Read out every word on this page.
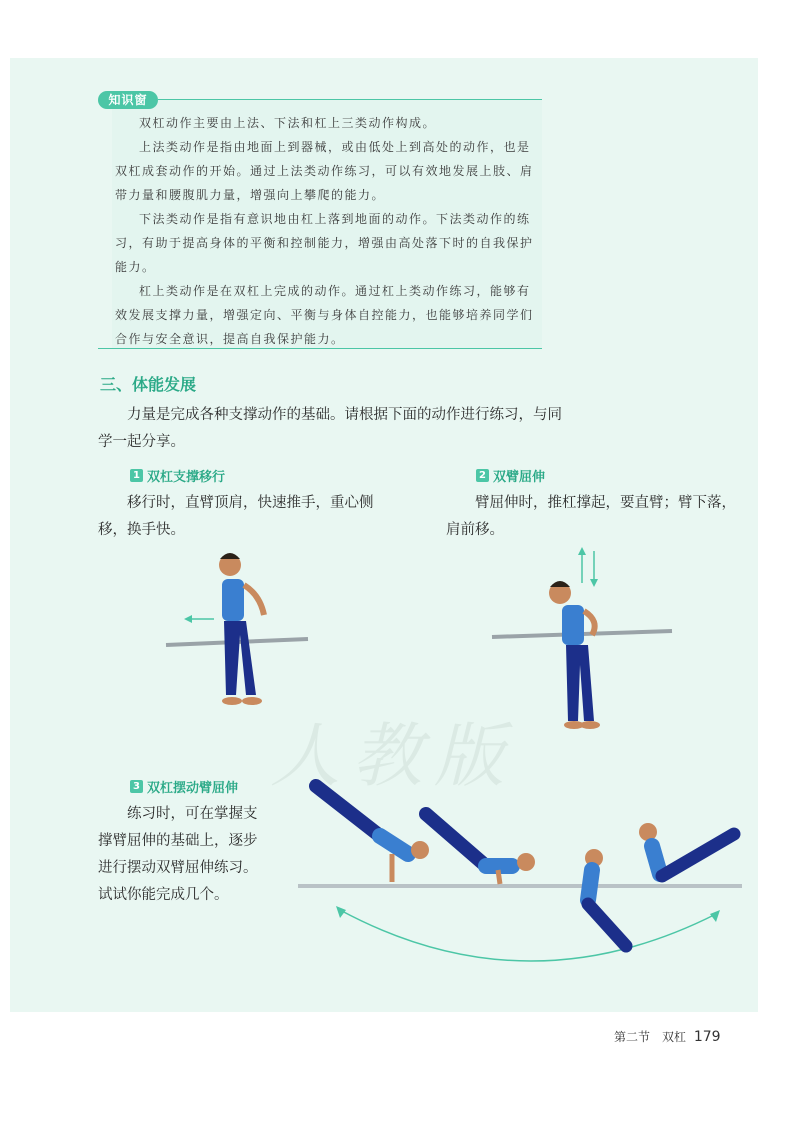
知识窗

双杠动作主要由上法、下法和杠上三类动作构成。

上法类动作是指由地面上到器械，或由低处上到高处的动作，也是双杠成套动作的开始。通过上法类动作练习，可以有效地发展上肢、肩带力量和腰腹肌力量，增强向上攀爬的能力。

下法类动作是指有意识地由杠上落到地面的动作。下法类动作的练习，有助于提高身体的平衡和控制能力，增强由高处落下时的自我保护能力。

杠上类动作是在双杠上完成的动作。通过杠上类动作练习，能够有效发展支撑力量，增强定向、平衡与身体自控能力，也能够培养同学们合作与安全意识，提高自我保护能力。

三、体能发展

力量是完成各种支撑动作的基础。请根据下面的动作进行练习，与同学一起分享。

1 双杠支撑移行

移行时，直臂顶肩，快速推手，重心侧移，换手快。

2 双臂屈伸

臂屈伸时，推杠撑起，要直臂；臂下落，肩前移。

人教版
3 双杠摆动臂屈伸

练习时，可在掌握支撑臂屈伸的基础上，逐步进行摆动双臂屈伸练习。试试你能完成几个。

第二节　双杠 179
